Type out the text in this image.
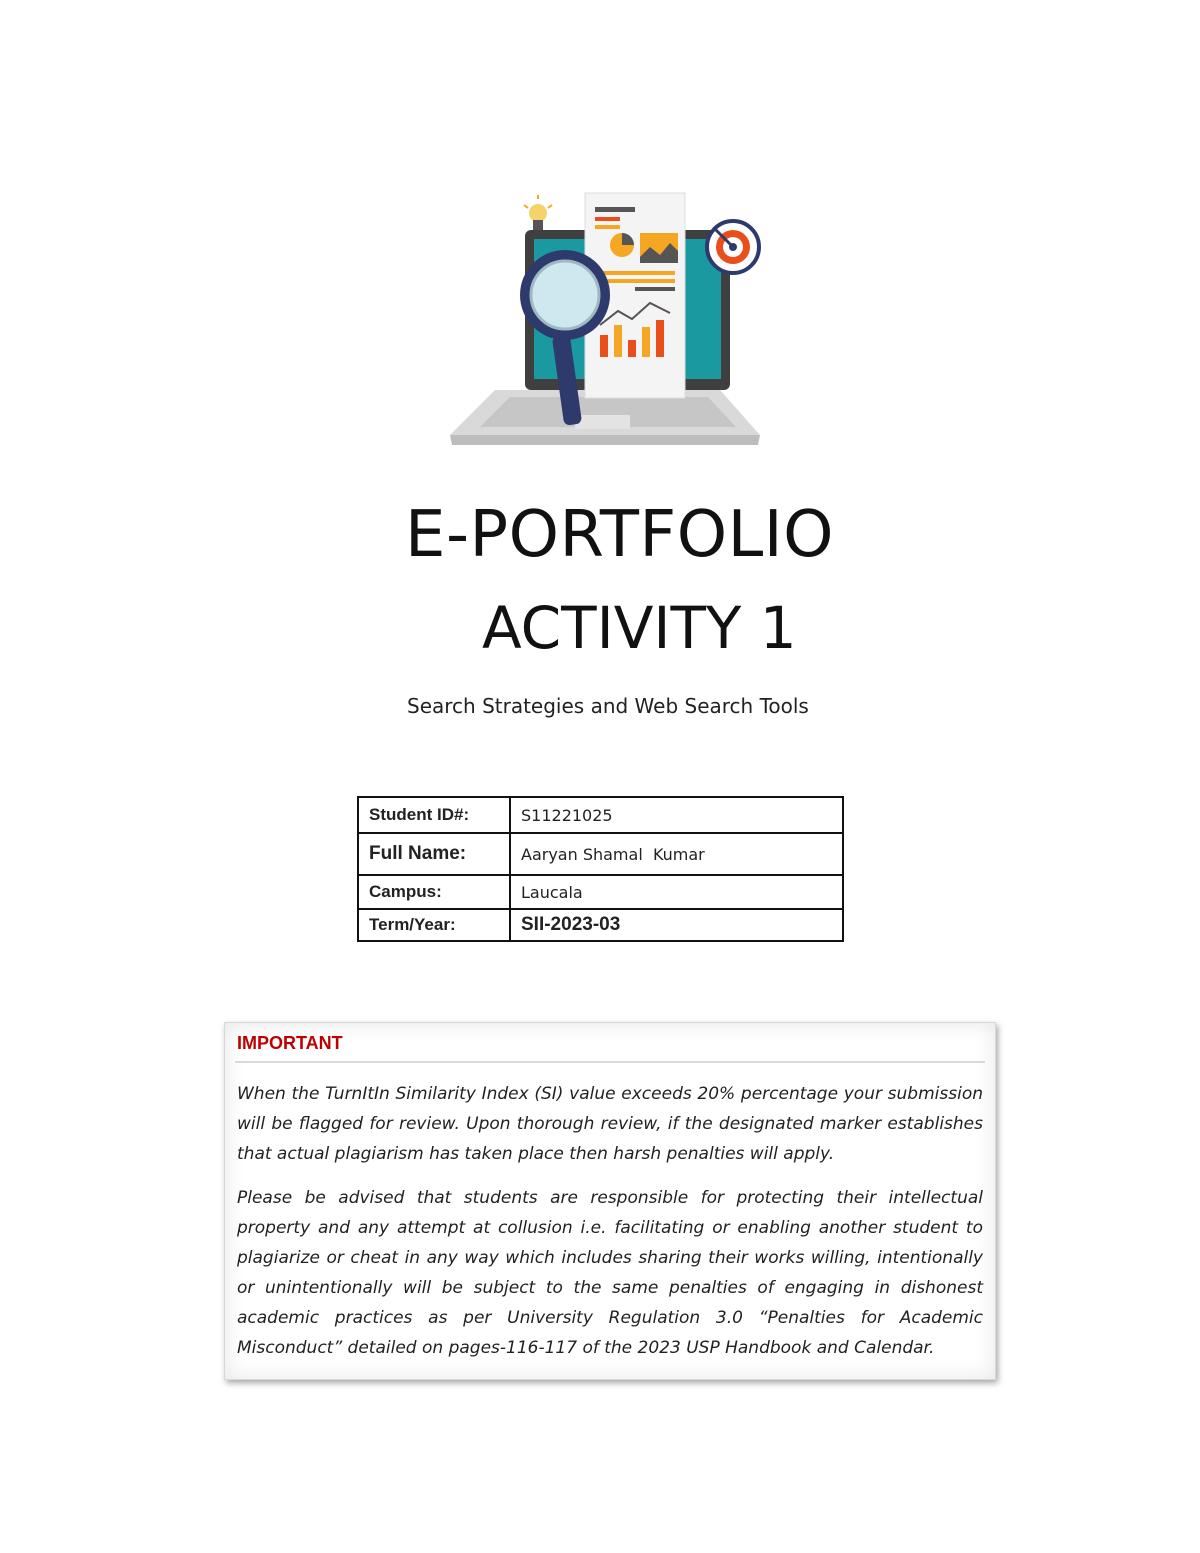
E-PORTFOLIO
ACTIVITY 1
Search Strategies and Web Search Tools
Student ID#:	S11221025
Full Name:	Aaryan Shamal  Kumar
Campus:	Laucala
Term/Year:	SII-2023-03
IMPORTANT

When the TurnItIn Similarity Index (SI) value exceeds 20% percentage your submission will be flagged for review. Upon thorough review, if the designated marker establishes that actual plagiarism has taken place then harsh penalties will apply.

Please be advised that students are responsible for protecting their intellectual property and any attempt at collusion i.e. facilitating or enabling another student to plagiarize or cheat in any way which includes sharing their works willing, intentionally or unintentionally will be subject to the same penalties of engaging in dishonest academic practices as per University Regulation 3.0 “Penalties for Academic Misconduct” detailed on pages-116-117 of the 2023 USP Handbook and Calendar.
